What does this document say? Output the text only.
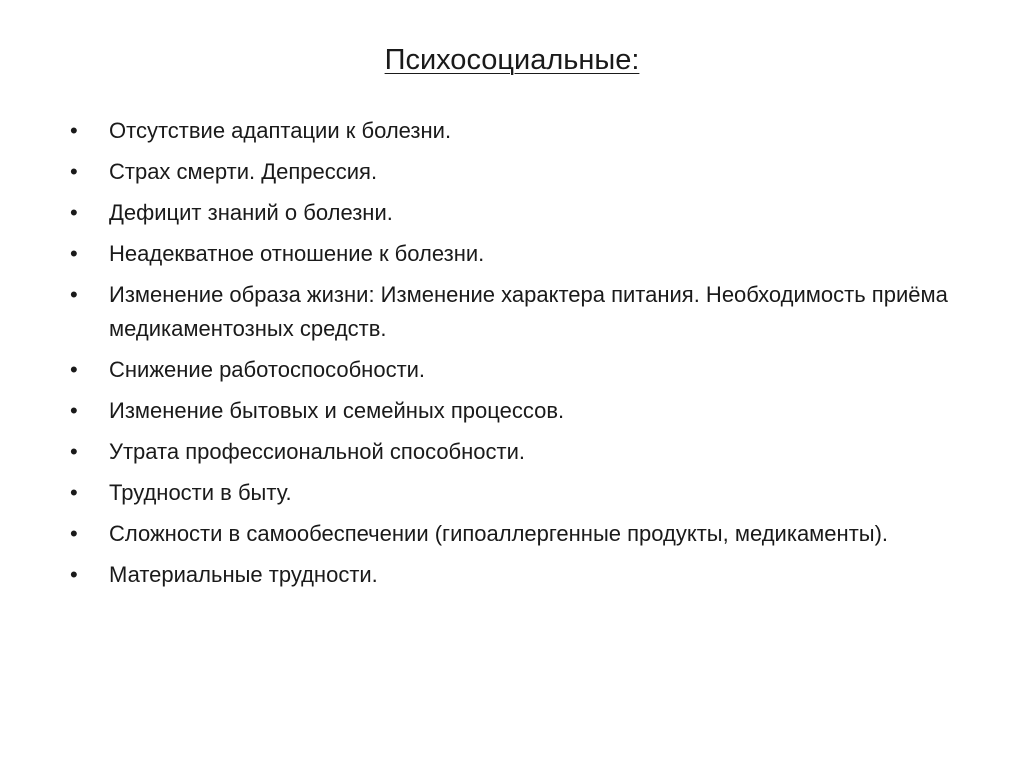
Психосоциальные:
•	Отсутствие адаптации к болезни.
•	Страх смерти. Депрессия.
•	Дефицит знаний о болезни.
•	Неадекватное отношение к болезни.
•	Изменение образа жизни: Изменение характера питания. Необходимость приёма медикаментозных средств.
•	Снижение работоспособности.
•	Изменение бытовых и семейных процессов.
•	Утрата профессиональной способности.
•	Трудности в быту.
•	Сложности в самообеспечении (гипоаллергенные продукты, медикаменты).
•	Материальные трудности.
